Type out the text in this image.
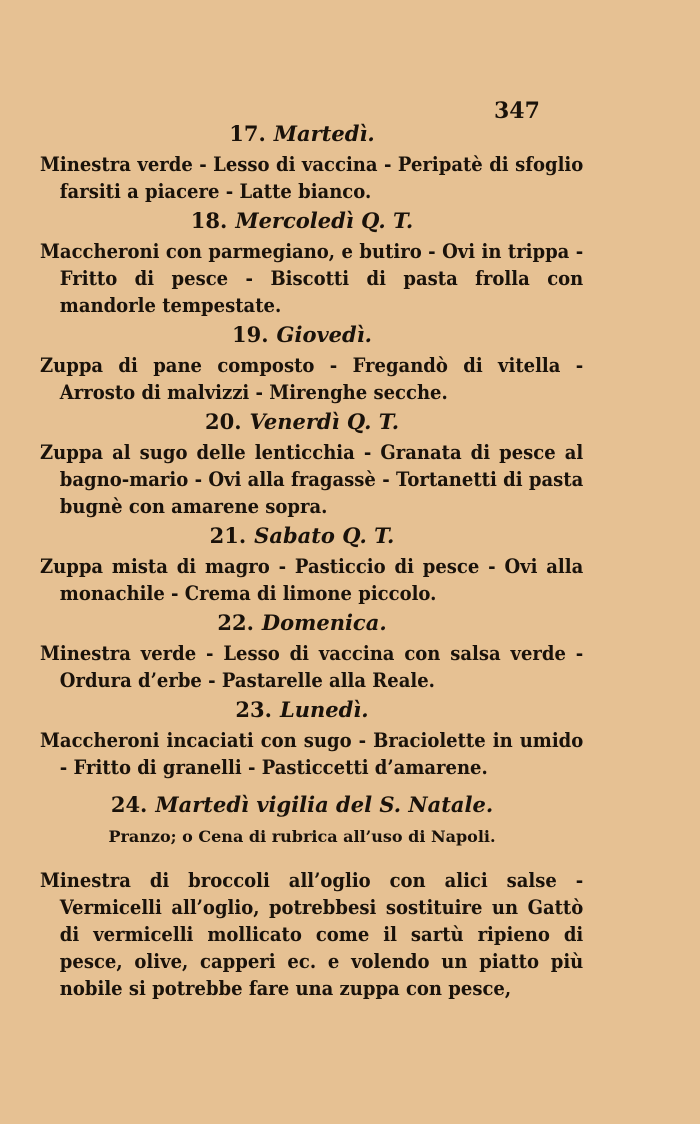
347
17. Martedì.
Minestra verde - Lesso di vaccina - Peripatè di sfoglio farsiti a piacere - Latte bianco.
18. Mercoledì Q. T.
Maccheroni con parmegiano, e butiro - Ovi in trippa - Fritto di pesce - Biscotti di pasta frolla con mandorle tempestate.
19. Giovedì.
Zuppa di pane composto - Fregandò di vitella - Arrosto di malvizzi - Mirenghe secche.
20. Venerdì Q. T.
Zuppa al sugo delle lenticchia - Granata di pesce al bagno-mario - Ovi alla fragassè - Tortanetti di pasta bugnè con amarene sopra.
21. Sabato Q. T.
Zuppa mista di magro - Pasticcio di pesce - Ovi alla monachile - Crema di limone piccolo.
22. Domenica.
Minestra verde - Lesso di vaccina con salsa verde - Ordura d’erbe - Pastarelle alla Reale.
23. Lunedì.
Maccheroni incaciati con sugo - Braciolette in umido - Fritto di granelli - Pasticcetti d’amarene.
24. Martedì vigilia del S. Natale.
Pranzo; o Cena di rubrica all’uso di Napoli.
Minestra di broccoli all’oglio con alici salse - Vermicelli all’oglio, potrebbesi sostituire un Gattò di vermicelli mollicato come il sartù ripieno di pesce, olive, capperi ec. e volendo un piatto più nobile si potrebbe fare una zuppa con pesce,
